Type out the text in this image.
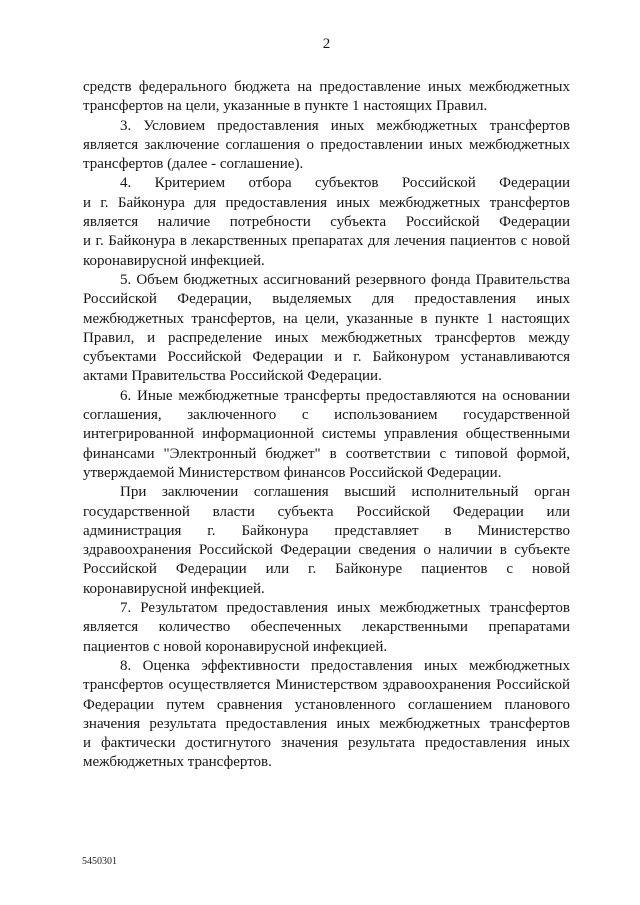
2
средств федерального бюджета на предоставление иных межбюджетных
трансфертов на цели, указанные в пункте 1 настоящих Правил.
3. Условием предоставления иных межбюджетных трансфертов
является заключение соглашения о предоставлении иных межбюджетных
трансфертов (далее - соглашение).
4. Критерием отбора субъектов Российской Федерации
и г. Байконура для предоставления иных межбюджетных трансфертов
является наличие потребности субъекта Российской Федерации
и г. Байконура в лекарственных препаратах для лечения пациентов с новой
коронавирусной инфекцией.
5. Объем бюджетных ассигнований резервного фонда Правительства
Российской Федерации, выделяемых для предоставления иных
межбюджетных трансфертов, на цели, указанные в пункте 1 настоящих
Правил, и распределение иных межбюджетных трансфертов между
субъектами Российской Федерации и г. Байконуром устанавливаются
актами Правительства Российской Федерации.
6. Иные межбюджетные трансферты предоставляются на основании
соглашения, заключенного с использованием государственной
интегрированной информационной системы управления общественными
финансами "Электронный бюджет" в соответствии с типовой формой,
утверждаемой Министерством финансов Российской Федерации.
При заключении соглашения высший исполнительный орган
государственной власти субъекта Российской Федерации или
администрация г. Байконура представляет в Министерство
здравоохранения Российской Федерации сведения о наличии в субъекте
Российской Федерации или г. Байконуре пациентов с новой
коронавирусной инфекцией.
7. Результатом предоставления иных межбюджетных трансфертов
является количество обеспеченных лекарственными препаратами
пациентов с новой коронавирусной инфекцией.
8. Оценка эффективности предоставления иных межбюджетных
трансфертов осуществляется Министерством здравоохранения Российской
Федерации путем сравнения установленного соглашением планового
значения результата предоставления иных межбюджетных трансфертов
и фактически достигнутого значения результата предоставления иных
межбюджетных трансфертов.
5450301
